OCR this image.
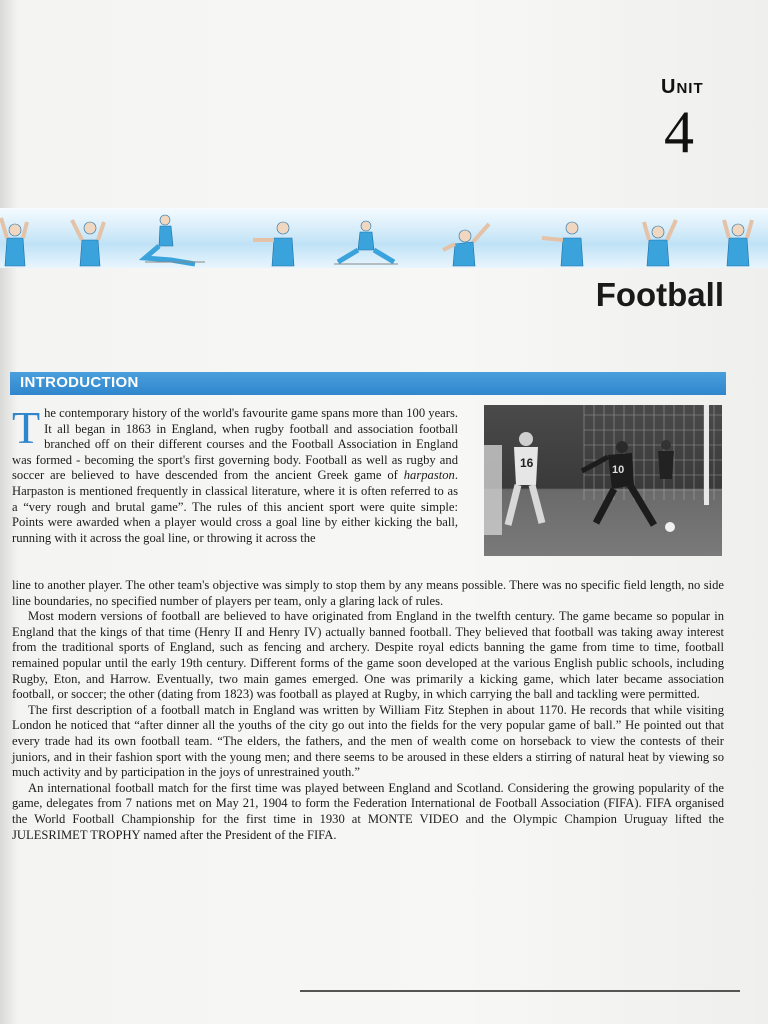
UNIT
4
Football
INTRODUCTION
16	10
The contemporary history of the world's favourite game spans more than 100 years. It all began in 1863 in England, when rugby football and association football branched off on their different courses and the Football Association in England was formed - becoming the sport's first governing body. Football as well as rugby and soccer are believed to have descended from the ancient Greek game of harpaston. Harpaston is mentioned frequently in classical literature, where it is often referred to as a “very rough and brutal game”. The rules of this ancient sport were quite simple: Points were awarded when a player would cross a goal line by either kicking the ball, running with it across the goal line, or throwing it across the

line to another player. The other team's objective was simply to stop them by any means possible. There was no specific field length, no side line boundaries, no specified number of players per team, only a glaring lack of rules.

Most modern versions of football are believed to have originated from England in the twelfth century. The game became so popular in England that the kings of that time (Henry II and Henry IV) actually banned football. They believed that football was taking away interest from the traditional sports of England, such as fencing and archery. Despite royal edicts banning the game from time to time, football remained popular until the early 19th century. Different forms of the game soon developed at the various English public schools, including Rugby, Eton, and Harrow. Eventually, two main games emerged. One was primarily a kicking game, which later became association football, or soccer; the other (dating from 1823) was football as played at Rugby, in which carrying the ball and tackling were permitted.

The first description of a football match in England was written by William Fitz Stephen in about 1170. He records that while visiting London he noticed that “after dinner all the youths of the city go out into the fields for the very popular game of ball.” He pointed out that every trade had its own football team. “The elders, the fathers, and the men of wealth come on horseback to view the contests of their juniors, and in their fashion sport with the young men; and there seems to be aroused in these elders a stirring of natural heat by viewing so much activity and by participation in the joys of unrestrained youth.”

An international football match for the first time was played between England and Scotland. Considering the growing popularity of the game, delegates from 7 nations met on May 21, 1904 to form the Federation International de Football Association (FIFA). FIFA organised the World Football Championship for the first time in 1930 at MONTE VIDEO and the Olympic Champion Uruguay lifted the JULESRIMET TROPHY named after the President of the FIFA.
